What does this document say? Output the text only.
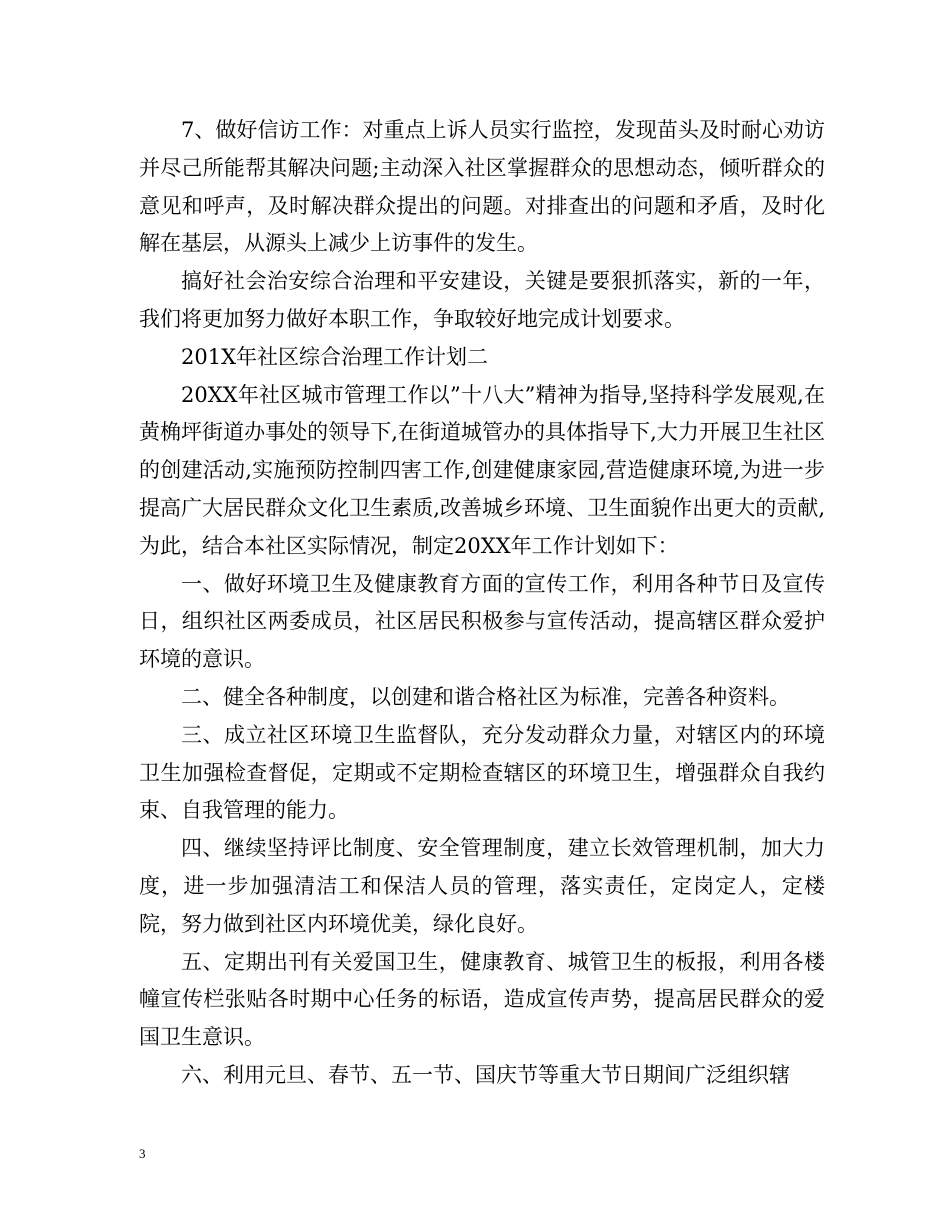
7、做好信访工作：对重点上诉人员实行监控，发现苗头及时耐心劝访并尽己所能帮其解决问题;主动深入社区掌握群众的思想动态，倾听群众的意见和呼声，及时解决群众提出的问题。对排查出的问题和矛盾，及时化解在基层，从源头上减少上访事件的发生。

搞好社会治安综合治理和平安建设，关键是要狠抓落实，新的一年，我们将更加努力做好本职工作，争取较好地完成计划要求。

201X年社区综合治理工作计划二

20XX年社区城市管理工作以”十八大”精神为指导,坚持科学发展观,在黄桷坪街道办事处的领导下,在街道城管办的具体指导下,大力开展卫生社区的创建活动,实施预防控制四害工作,创建健康家园,营造健康环境,为进一步提高广大居民群众文化卫生素质,改善城乡环境、卫生面貌作出更大的贡献,为此，结合本社区实际情况，制定20XX年工作计划如下：

一、做好环境卫生及健康教育方面的宣传工作，利用各种节日及宣传日，组织社区两委成员，社区居民积极参与宣传活动，提高辖区群众爱护环境的意识。

二、健全各种制度，以创建和谐合格社区为标准，完善各种资料。

三、成立社区环境卫生监督队，充分发动群众力量，对辖区内的环境卫生加强检查督促，定期或不定期检查辖区的环境卫生，增强群众自我约束、自我管理的能力。

四、继续坚持评比制度、安全管理制度，建立长效管理机制，加大力度，进一步加强清洁工和保洁人员的管理，落实责任，定岗定人，定楼院，努力做到社区内环境优美，绿化良好。

五、定期出刊有关爱国卫生，健康教育、城管卫生的板报，利用各楼幢宣传栏张贴各时期中心任务的标语，造成宣传声势，提高居民群众的爱国卫生意识。

六、利用元旦、春节、五一节、国庆节等重大节日期间广泛组织辖

3
